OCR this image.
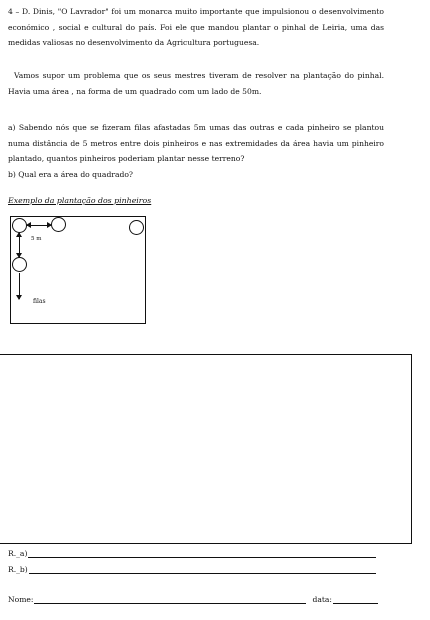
4 – D. Dinis, "O Lavrador" foi um monarca muito importante que impulsionou o desenvolvimento económico , social e cultural do país. Foi ele que mandou plantar o pinhal de Leiria, uma das medidas valiosas no desenvolvimento da Agricultura portuguesa.

Vamos supor um problema que os seus mestres tiveram de resolver na plantação do pinhal. Havia uma área , na forma de um quadrado com um lado de 50m.

a) Sabendo nós que se fizeram filas afastadas 5m umas das outras e cada pinheiro se plantou numa distância de 5 metros entre dois pinheiros e nas extremidades da área havia um pinheiro plantado, quantos pinheiros poderiam plantar nesse terreno?

b) Qual era a área do quadrado?

Exemplo da plantação dos pinheiros
5 m
filas
R._a)
R._b)
Nome:	data:
